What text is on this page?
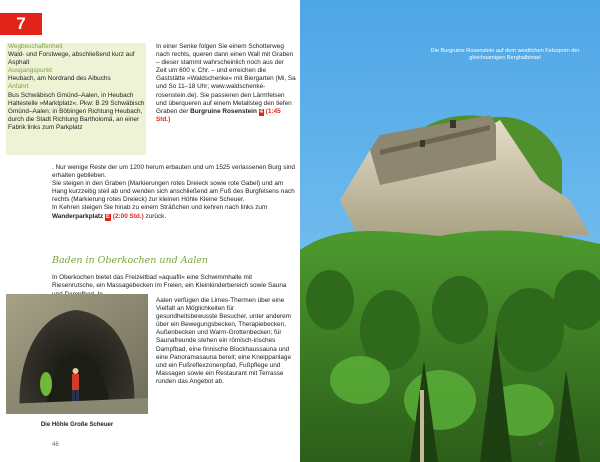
7

Wegbeschaffenheit

Wald- und Forstwege, abschließend kurz auf Asphalt

Ausgangspunkt

Heubach, am Nordrand des Albuchs

Anfahrt

Bus Schwäbisch Gmünd–Aalen, in Heubach Haltestelle »Marktplatz«. Pkw: B 29 Schwäbisch Gmünd–Aalen; in Böbingen Richtung Heubach, durch die Stadt Richtung Bartholomä, an einer Fabrik links zum Parkplatz

In einer Senke folgen Sie einem Schotterweg nach rechts, queren dann einen Wall mit Graben – dieser stammt wahrscheinlich noch aus der Zeit um 600 v. Chr. – und erreichen die Gaststätte »Waldschenke« mit Biergarten (Mi, Sa und So 11–18 Uhr; www.waldschenke-rosenstein.de). Sie passieren den Lärmfelsen und überqueren auf einem Metallsteg den tiefen Graben der Burgruine Rosenstein 4 (1:45 Std.)

. Nur wenige Reste der um 1200 herum erbauten und um 1525 verlassenen Burg sind erhalten geblieben.

Sie steigen in den Graben (Markierungen rotes Dreieck sowie rote Gabel) und am Hang kurzzeitig steil ab und wenden sich anschließend am Fuß des Burgfelsens nach rechts (Markierung rotes Dreieck) zur kleinen Höhle Kleine Scheuer.

In Kehren steigen Sie hinab zu einem Sträßchen und kehren nach links zum Wanderparkplatz E (2:00 Std.) zurück.

Baden in Oberkochen und Aalen

In Oberkochen bietet das Freizeitbad »aquafit« eine Schwimmhalle mit Riesenrutsche, ein Massagebecken im Freien, ein Kleinkinderbereich sowie Sauna

Aalen verfügen die Limes-Thermen über eine Vielfalt an Möglichkeiten für gesundheitsbewusste Besucher, unter anderem über ein Bewegungsbecken, Therapiebecken, Außenbecken und Warm-Grottenbecken; für Saunafreunde stehen ein römisch-irisches Dampfbad, eine finnische Blockhaussauna und eine Panoramasauna bereit; eine Kneippanlage und ein Fußreflexzonenpfad, Fußpflege und Massagen sowie ein Restaurant mit Terrasse runden das Angebot ab.

Die Höhle Große Scheuer
46
Die Burgruine Rosenstein auf dem westlichen Felssporn der gleichnamigen Berghalbinsel
47
